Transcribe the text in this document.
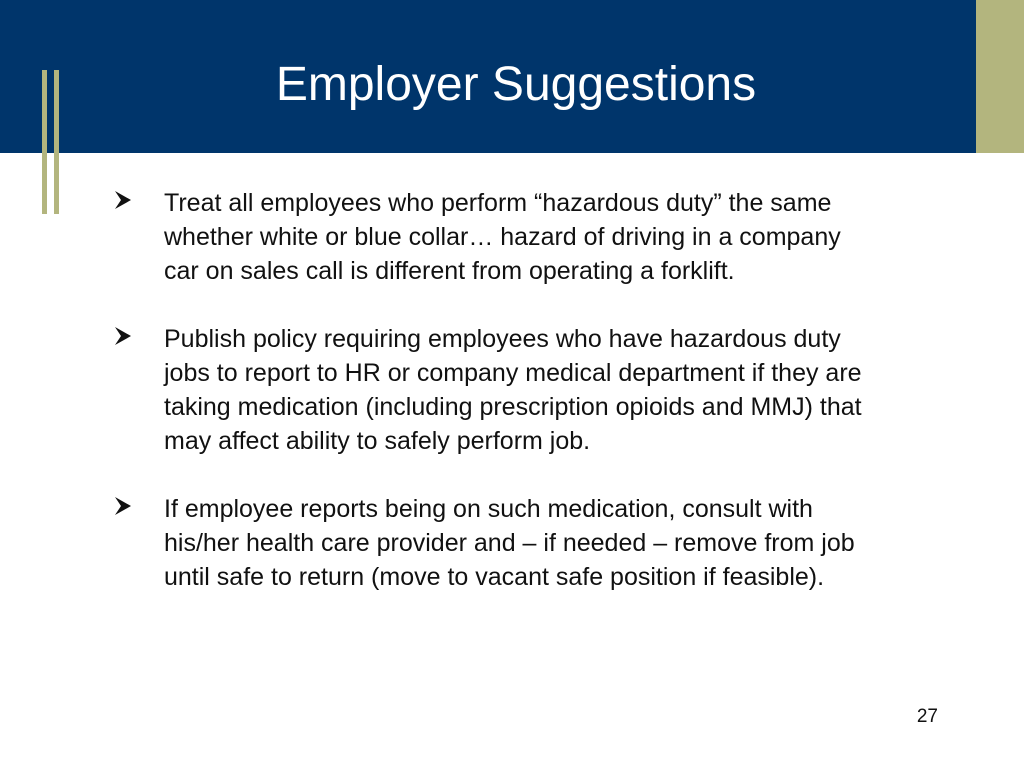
Employer Suggestions
Treat all employees who perform “hazardous duty” the same whether white or blue collar… hazard of driving in a company car on sales call is different from operating a forklift.
Publish policy requiring employees who have hazardous duty jobs to report to HR or company medical department if they are taking medication (including prescription opioids and MMJ) that may affect ability to safely perform job.
If employee reports being on such medication, consult with his/her health care provider and – if needed – remove from job until safe to return (move to vacant safe position if feasible).
27
